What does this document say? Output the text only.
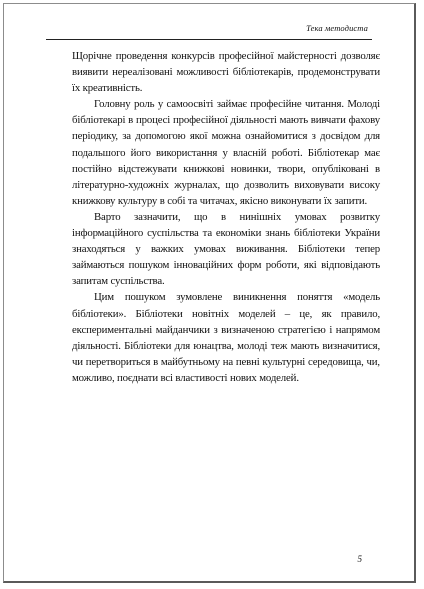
Тека методиста

Щорічне проведення конкурсів професійної майстерності дозволяє виявити нереалізовані можливості бібліотекарів, продемонструвати їх креативність.

Головну роль у самоосвіті займає професійне читання. Молоді бібліотекарі в процесі професійної діяльності мають вивчати фахову періодику, за допомогою якої можна ознайомитися з досвідом для подальшого його використання у власній роботі. Бібліотекар має постійно відстежувати книжкові новинки, твори, опубліковані в літературно-художніх журналах, що дозволить виховувати високу книжкову культуру в собі та читачах, якісно виконувати їх запити.

Варто зазначити, що в нинішніх умовах розвитку інформаційного суспільства та економіки знань бібліотеки України знаходяться у важких умовах виживання. Бібліотеки тепер займаються пошуком інноваційних форм роботи, які відповідають запитам суспільства.

Цим пошуком зумовлене виникнення поняття «модель бібліотеки». Бібліотеки новітніх моделей – це, як правило, експериментальні майданчики з визначеною стратегією і напрямом діяльності. Бібліотеки для юнацтва, молоді теж мають визначитися, чи перетвориться в майбутньому на певні культурні середовища, чи, можливо, поєднати всі властивості нових моделей.

5
